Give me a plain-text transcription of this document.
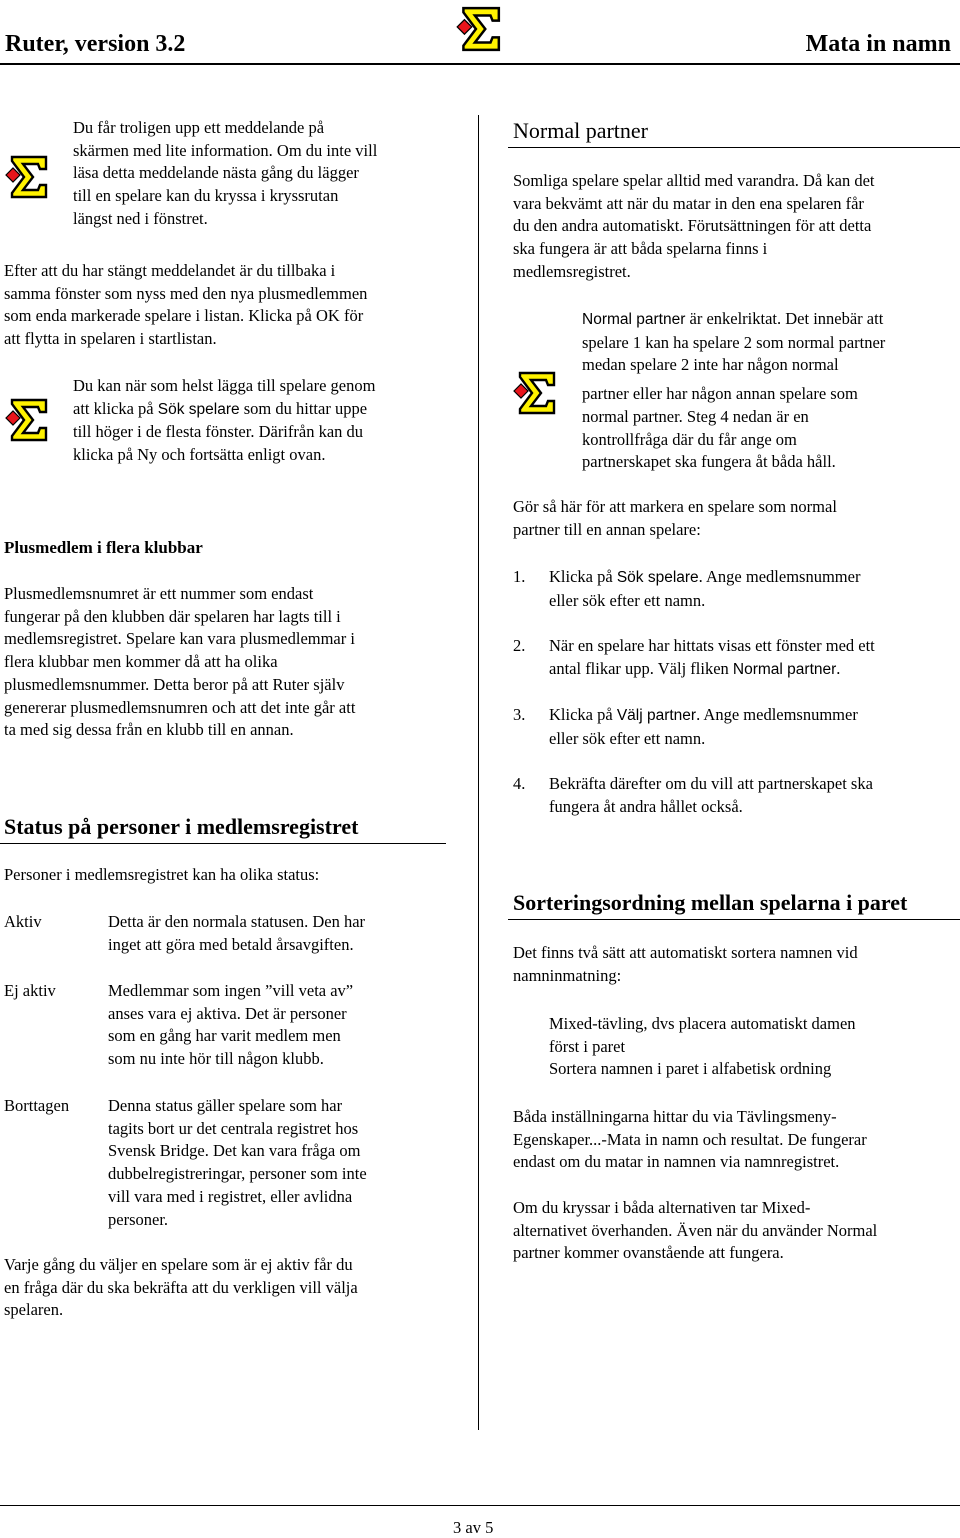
Ruter, version 3.2	Mata in namn
Du får troligen upp ett meddelande på
skärmen med lite information. Om du inte vill
läsa detta meddelande nästa gång du lägger
till en spelare kan du kryssa i kryssrutan
längst ned i fönstret.
Efter att du har stängt meddelandet är du tillbaka i
samma fönster som nyss med den nya plusmedlemmen
som enda markerade spelare i listan. Klicka på OK för
att flytta in spelaren i startlistan.
Du kan när som helst lägga till spelare genom
att klicka på Sök spelare som du hittar uppe
till höger i de flesta fönster. Därifrån kan du
klicka på Ny och fortsätta enligt ovan.
Plusmedlem i flera klubbar
Plusmedlemsnumret är ett nummer som endast
fungerar på den klubben där spelaren har lagts till i
medlemsregistret. Spelare kan vara plusmedlemmar i
flera klubbar men kommer då att ha olika
plusmedlemsnummer. Detta beror på att Ruter själv
genererar plusmedlemsnumren och att det inte går att
ta med sig dessa från en klubb till en annan.
Status på personer i medlemsregistret
Personer i medlemsregistret kan ha olika status:
Aktiv	Detta är den normala statusen. Den har
inget att göra med betald årsavgiften.
Ej aktiv	Medlemmar som ingen ”vill veta av”
anses vara ej aktiva. Det är personer
som en gång har varit medlem men
som nu inte hör till någon klubb.
Borttagen Denna status gäller spelare som har
tagits bort ur det centrala registret hos
Svensk Bridge. Det kan vara fråga om
dubbelregistreringar, personer som inte
vill vara med i registret, eller avlidna
personer.
Varje gång du väljer en spelare som är ej aktiv får du
en fråga där du ska bekräfta att du verkligen vill välja
spelaren.
Normal partner
Somliga spelare spelar alltid med varandra. Då kan det
vara bekvämt att när du matar in den ena spelaren får
du den andra automatiskt. Förutsättningen för att detta
ska fungera är att båda spelarna finns i
medlemsregistret.
Normal partner är enkelriktat. Det innebär att
spelare 1 kan ha spelare 2 som normal partner
medan spelare 2 inte har någon normal
partner eller har någon annan spelare som
normal partner. Steg 4 nedan är en
kontrollfråga där du får ange om
partnerskapet ska fungera åt båda håll.
Gör så här för att markera en spelare som normal
partner till en annan spelare:
1. Klicka på Sök spelare. Ange medlemsnummer
eller sök efter ett namn.
2. När en spelare har hittats visas ett fönster med ett
antal flikar upp. Välj fliken Normal partner.
3. Klicka på Välj partner. Ange medlemsnummer
eller sök efter ett namn.
4. Bekräfta därefter om du vill att partnerskapet ska
fungera åt andra hållet också.
Sorteringsordning mellan spelarna i paret
Det finns två sätt att automatiskt sortera namnen vid
namninmatning:
Mixed-tävling, dvs placera automatiskt damen
först i paret
Sortera namnen i paret i alfabetisk ordning
Båda inställningarna hittar du via Tävlingsmeny-
Egenskaper...-Mata in namn och resultat. De fungerar
endast om du matar in namnen via namnregistret.
Om du kryssar i båda alternativen tar Mixed-
alternativet överhanden. Även när du använder Normal
partner kommer ovanstående att fungera.
3 av 5
